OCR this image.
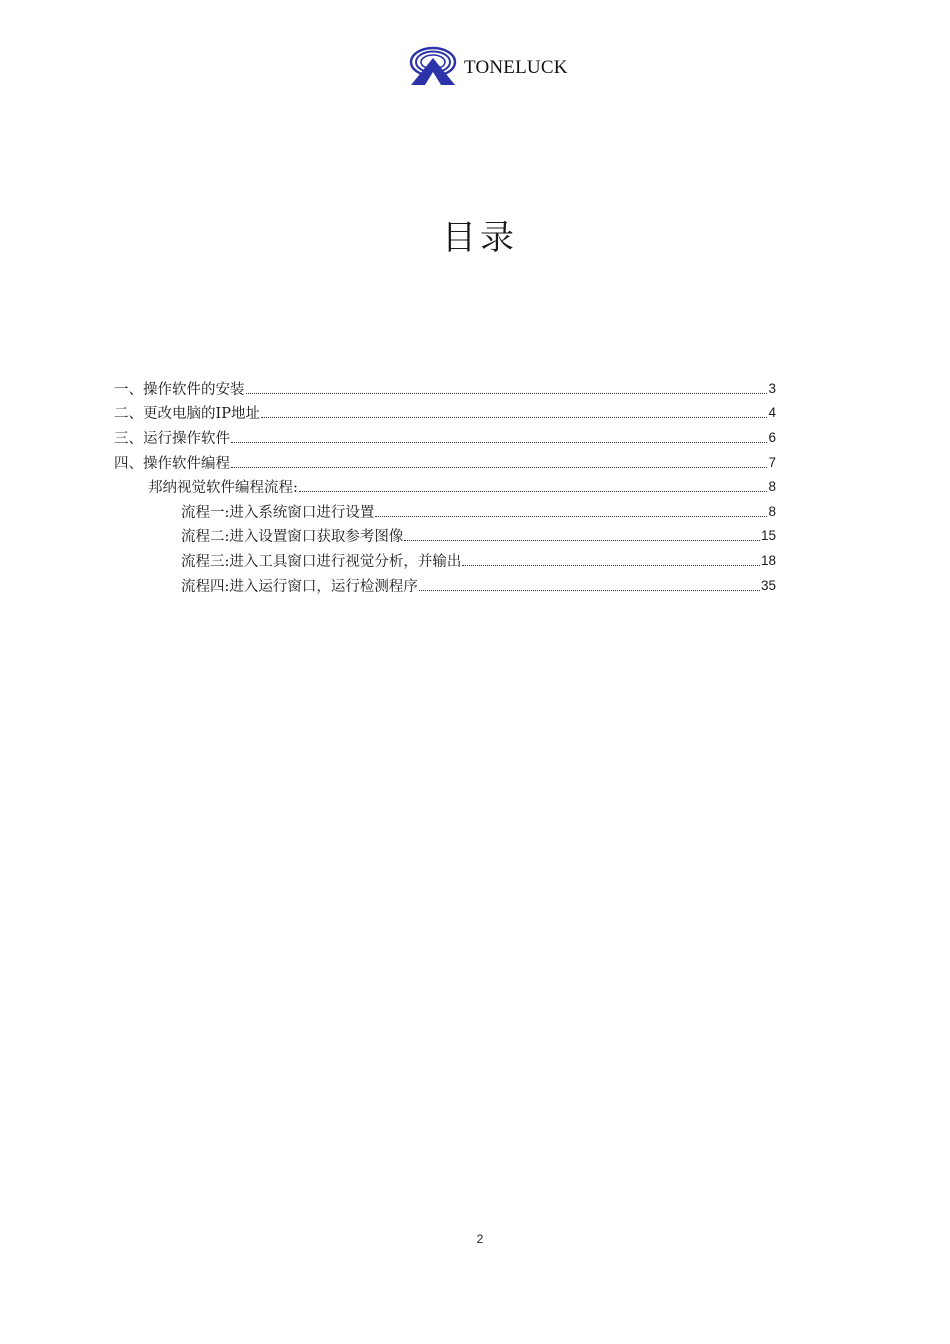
TONELUCK
目录
一、操作软件的安装	3
二、更改电脑的IP地址	4
三、运行操作软件	6
四、操作软件编程	7
邦纳视觉软件编程流程:	8
流程一:进入系统窗口进行设置	8
流程二:进入设置窗口获取参考图像	15
流程三:进入工具窗口进行视觉分析，并输出	18
流程四:进入运行窗口，运行检测程序	35
2
